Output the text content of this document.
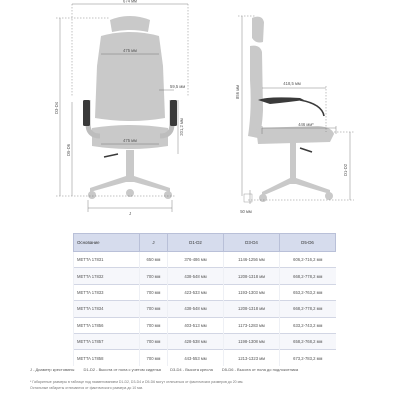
674 мм
475 мм
475 мм
59,5 мм
201,2 мм
D3-D4
D5-D6
J
856 мм
418,5 мм
446 мм*
D1-D2
50 мм
Основание	J	D1-D2	D3-D4	D5-D6
METTA 17831	650 мм	376-486 мм	1146-1256 мм	606,2-716,2 мм
METTA 17832	700 мм	438-548 мм	1208-1318 мм	668,2-778,2 мм
METTA 17833	700 мм	423-533 мм	1193-1303 мм	653,2-763,2 мм
METTA 17834	700 мм	438-548 мм	1208-1318 мм	668,2-778,2 мм
METTA 17856	700 мм	403-513 мм	1173-1283 мм	633,2-743,2 мм
METTA 17857	700 мм	428-538 мм	1198-1308 мм	658,2-768,2 мм
METTA 17858	700 мм	443-553 мм	1213-1323 мм	673,2-783,2 мм
J - Диаметр крестовины D1-D2 - Высота от пола с учетом сиденья D3-D4 - Высота кресла D5-D6 - Высота от пола до подлокотника
* Габаритные размеры в таблице под наименованием D1-D2, D3-D4 и D5-D6 могут отличаться от фактических размеров до 20 мм.
Остальные габариты отличаются от фактического размера до 10 мм.
